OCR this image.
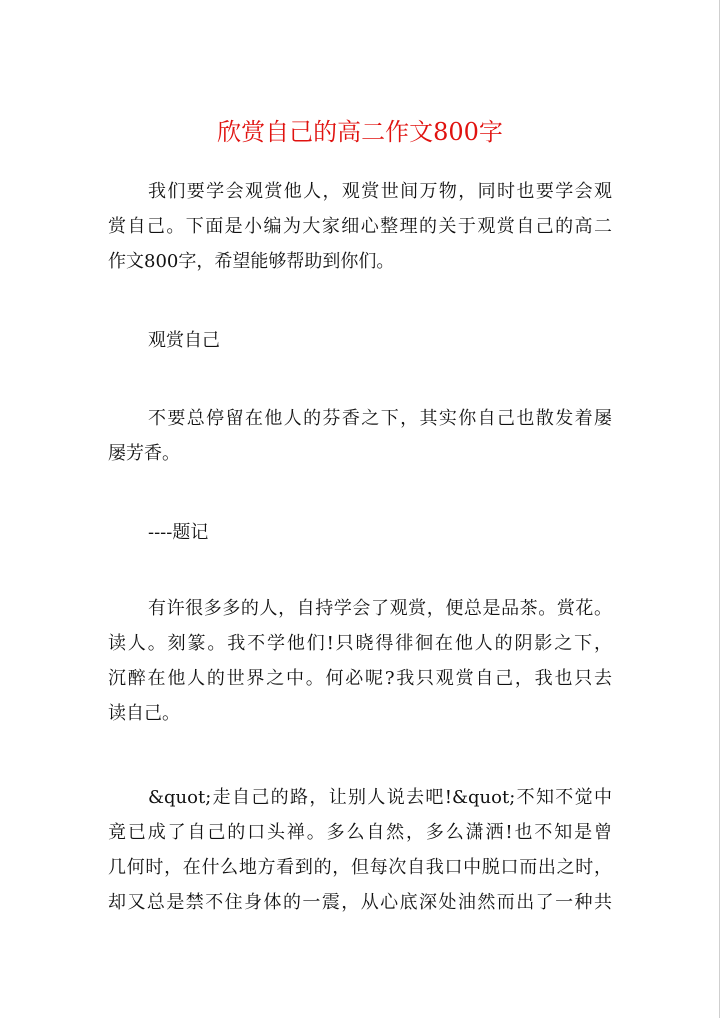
欣赏自己的高二作文800字
我们要学会观赏他人，观赏世间万物，同时也要学会观
赏自己。下面是小编为大家细心整理的关于观赏自己的高二
作文800字，希望能够帮助到你们。
观赏自己
不要总停留在他人的芬香之下，其实你自己也散发着屡
屡芳香。
----题记
有许很多多的人，自持学会了观赏，便总是品茶。赏花。
读人。刻篆。我不学他们!只晓得徘徊在他人的阴影之下，
沉醉在他人的世界之中。何必呢?我只观赏自己，我也只去
读自己。
&quot;走自己的路，让别人说去吧!&quot;不知不觉中
竟已成了自己的口头禅。多么自然，多么潇洒!也不知是曾
几何时，在什么地方看到的，但每次自我口中脱口而出之时，
却又总是禁不住身体的一震，从心底深处油然而出了一种共
